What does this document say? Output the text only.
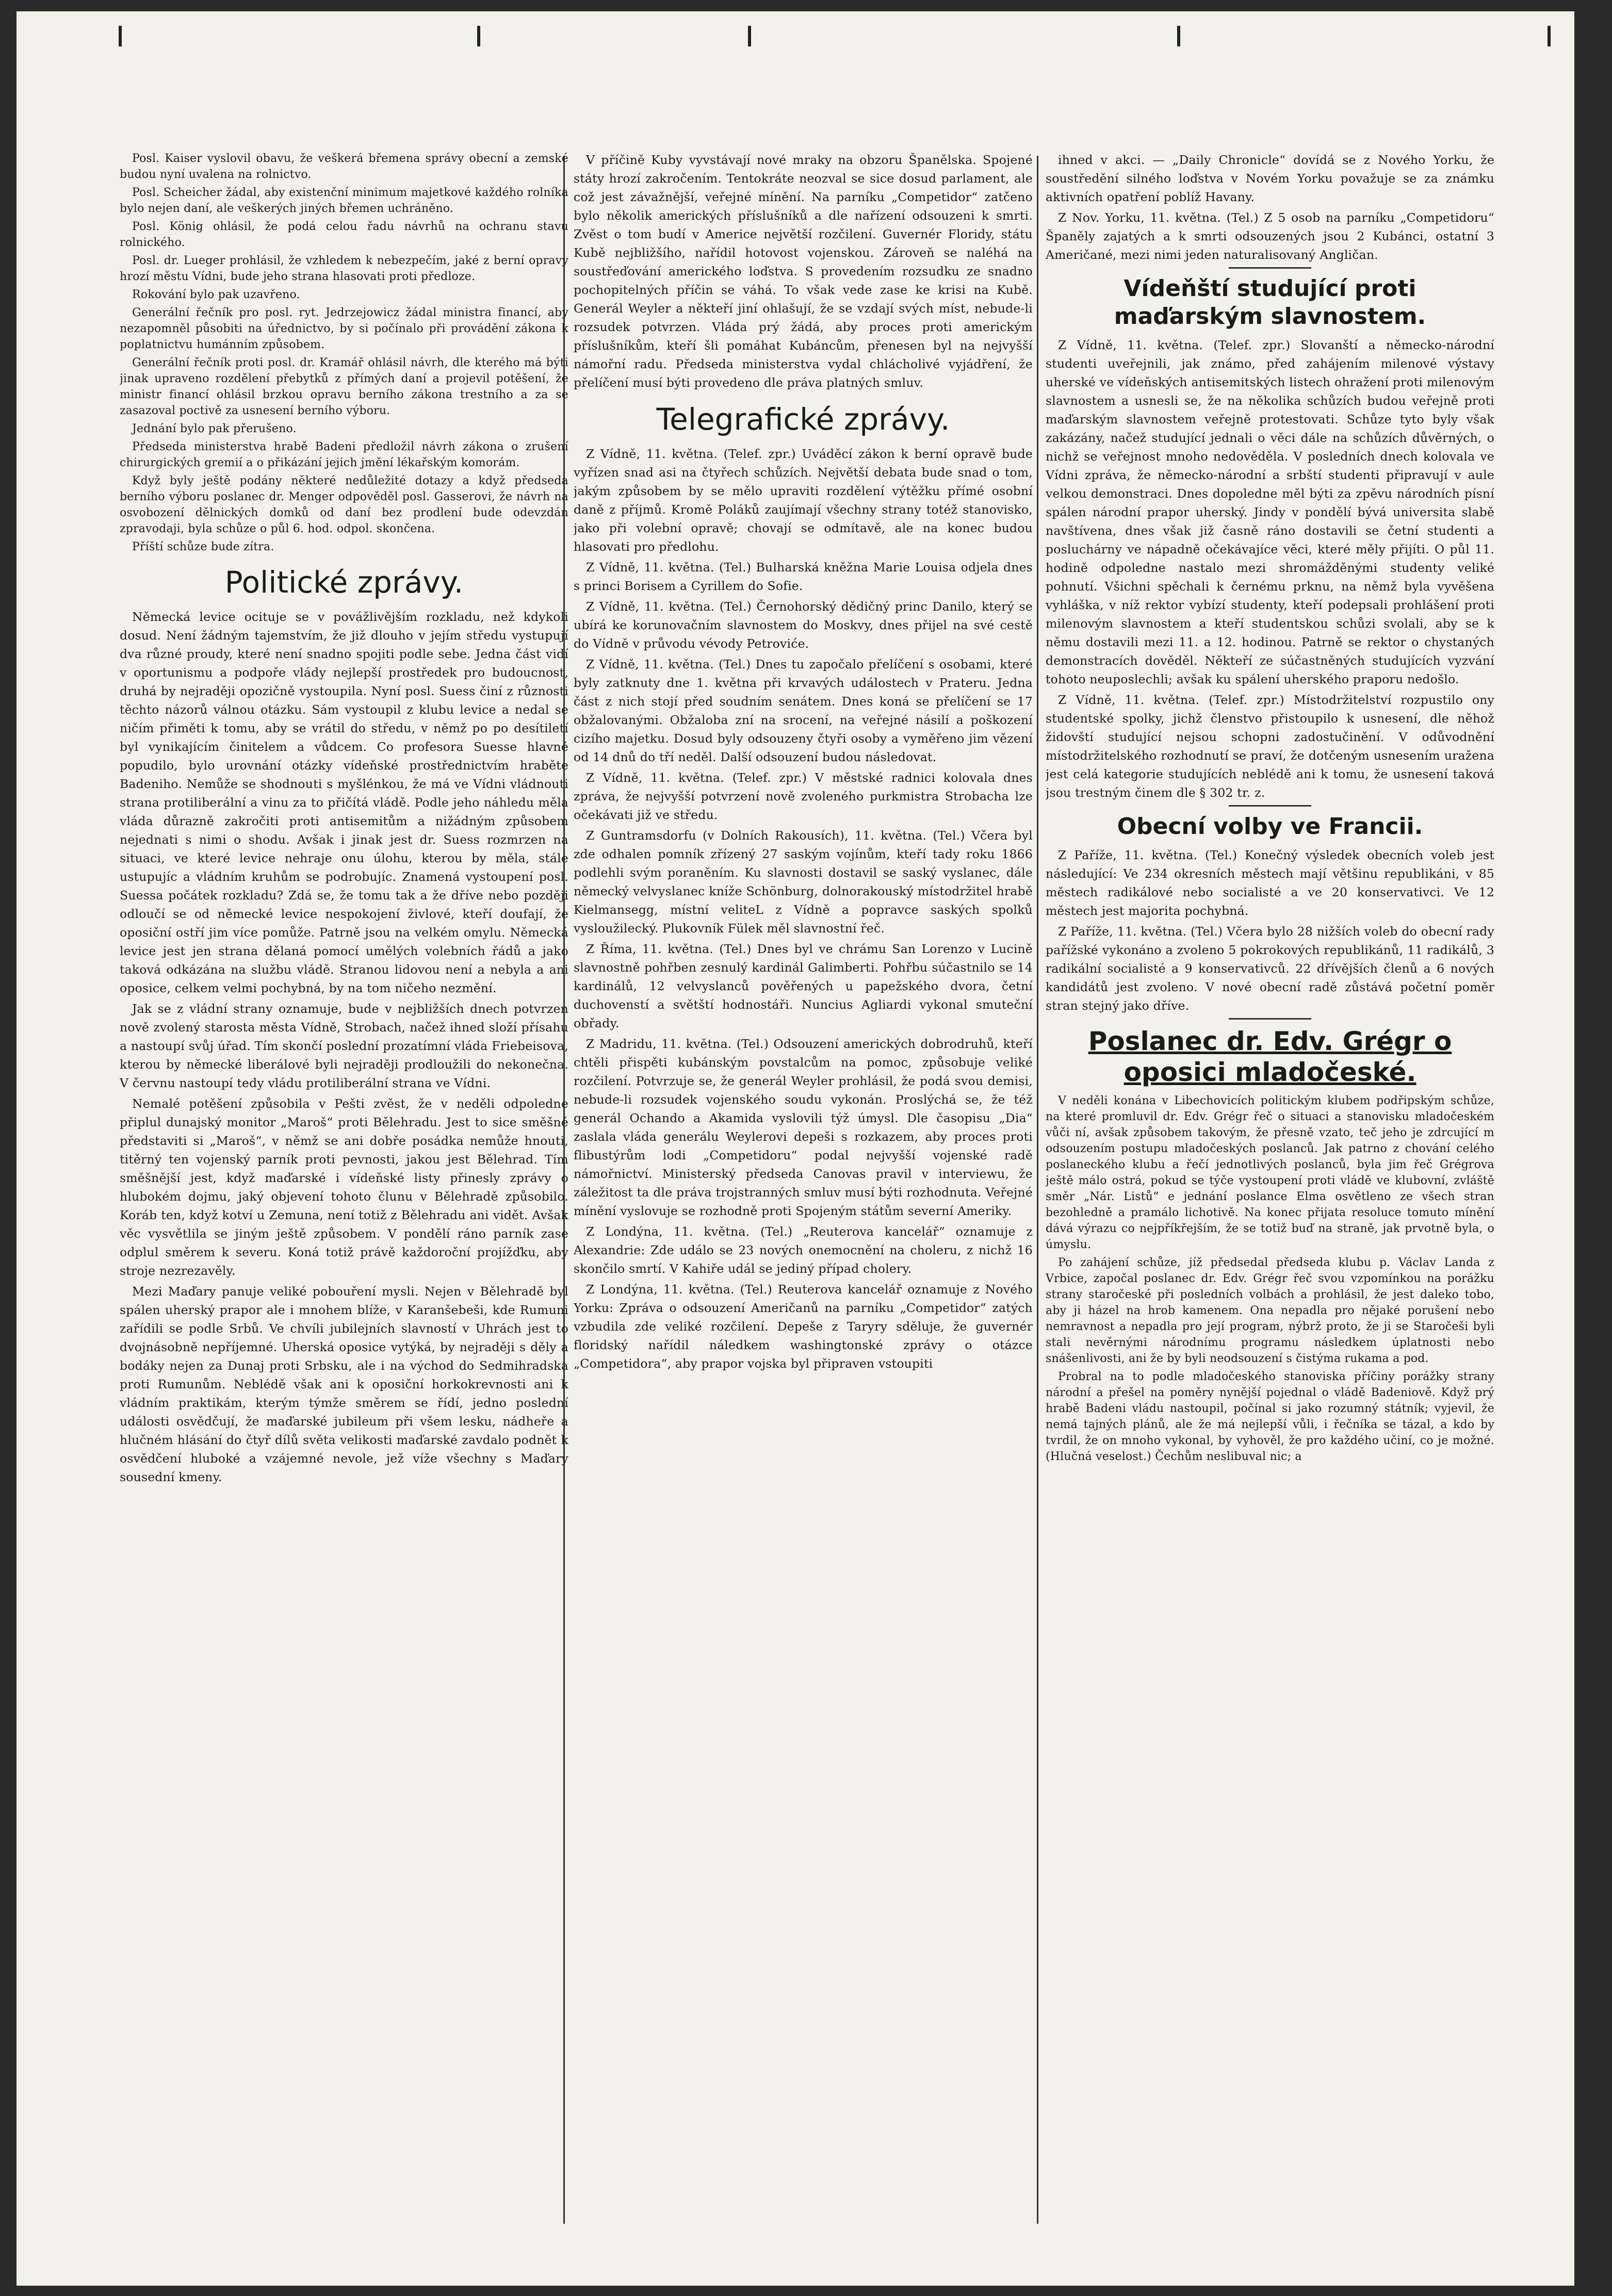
Posl. Kaiser vyslovil obavu, že veškerá břemena správy obecní a zemské budou nyní uvalena na rolnictvo.

Posl. Scheicher žádal, aby existenční minimum majetkové každého rolníka bylo nejen daní, ale veškerých jiných břemen uchráněno.

Posl. König ohlásil, že podá celou řadu návrhů na ochranu stavu rolnického.

Posl. dr. Lueger prohlásil, že vzhledem k nebezpečím, jaké z berní opravy hrozí městu Vídni, bude jeho strana hlasovati proti předloze.

Rokování bylo pak uzavřeno.

Generální řečník pro posl. ryt. Jedrzejowicz žádal ministra financí, aby nezapomněl působiti na úřednictvo, by si počínalo při provádění zákona k poplatnictvu humánním způsobem.

Generální řečník proti posl. dr. Kramář ohlásil návrh, dle kterého má býti jinak upraveno rozdělení přebytků z přímých daní a projevil potěšení, že ministr financí ohlásil brzkou opravu berního zákona trestního a za se zasazoval poctivě za usnesení berního výboru.

Jednání bylo pak přerušeno.

Předseda ministerstva hrabě Badeni předložil návrh zákona o zrušení chirurgických gremií a o přikázání jejich jmění lékařským komorám.

Když byly ještě podány některé nedůležité dotazy a když předseda berního výboru poslanec dr. Menger odpověděl posl. Gasserovi, že návrh na osvobození dělnických domků od daní bez prodlení bude odevzdán zpravodaji, byla schůze o půl 6. hod. odpol. skončena.

Příští schůze bude zítra.

Politické zprávy.

Německá levice ocituje se v povážlivějším rozkladu, než kdykoli dosud. Není žádným tajemstvím, že již dlouho v jejím středu vystupují dva různé proudy, které není snadno spojiti podle sebe. Jedna část vidí v oportunismu a podpoře vlády nejlepší prostředek pro budoucnost, druhá by nejraději opozičně vystoupila. Nyní posl. Suess činí z různosti těchto názorů válnou otázku. Sám vystoupil z klubu levice a nedal se ničím přiměti k tomu, aby se vrátil do středu, v němž po po desítiletí byl vynikajícím činitelem a vůdcem. Co profesora Suesse hlavně popudilo, bylo urovnání otázky vídeňské prostřednictvím hraběte Badeniho. Nemůže se shodnouti s myšlénkou, že má ve Vídni vládnouti strana protiliberální a vinu za to přičítá vládě. Podle jeho náhledu měla vláda důrazně zakročiti proti antisemitům a nižádným způsobem nejednati s nimi o shodu. Avšak i jinak jest dr. Suess rozmrzen na situaci, ve které levice nehraje onu úlohu, kterou by měla, stále ustupujíc a vládním kruhům se podrobujíc. Znamená vystoupení posl. Suessa počátek rozkladu? Zdá se, že tomu tak a že dříve nebo později odloučí se od německé levice nespokojení živlové, kteří doufají, že oposiční ostří jim více pomůže. Patrně jsou na velkém omylu. Německá levice jest jen strana dělaná pomocí umělých volebních řádů a jako taková odkázána na službu vládě. Stranou lidovou není a nebyla a ani oposice, celkem velmi pochybná, by na tom ničeho nezmění.

Jak se z vládní strany oznamuje, bude v nejbližších dnech potvrzen nově zvolený starosta města Vídně, Strobach, načež ihned složí přísahu a nastoupí svůj úřad. Tím skončí poslední prozatímní vláda Friebeisova, kterou by německé liberálové byli nejraději prodloužili do nekonečna. V červnu nastoupí tedy vládu protiliberální strana ve Vídni.

Nemalé potěšení způsobila v Pešti zvěst, že v neděli odpoledne připlul dunajský monitor „Maroš“ proti Bělehradu. Jest to sice směšné představiti si „Maroš“, v němž se ani dobře posádka nemůže hnouti, titěrný ten vojenský parník proti pevnosti, jakou jest Bělehrad. Tím směšnější jest, když maďarské i vídeňské listy přinesly zprávy o hlubokém dojmu, jaký objevení tohoto člunu v Bělehradě způsobilo. Koráb ten, když kotví u Zemuna, není totiž z Bělehradu ani vidět. Avšak věc vysvětlila se jiným ještě způsobem. V pondělí ráno parník zase odplul směrem k severu. Koná totiž právě každoroční projížďku, aby stroje nezrezavěly.

Mezi Maďary panuje veliké pobouření mysli. Nejen v Bělehradě byl spálen uherský prapor ale i mnohem blíže, v Karanšebeši, kde Rumuni zařídili se podle Srbů. Ve chvíli jubilejních slavností v Uhrách jest to dvojnásobně nepříjemné. Uherská oposice vytýká, by nejraději s děly a bodáky nejen za Dunaj proti Srbsku, ale i na východ do Sedmihradska proti Rumunům. Neblédě však ani k oposiční horkokrevnosti ani k vládním praktikám, kterým týmže směrem se řídí, jedno poslední události osvědčují, že maďarské jubileum při všem lesku, nádheře a hlučném hlásání do čtyř dílů světa velikosti maďarské zavdalo podnět k osvědčení hluboké a vzájemné nevole, jež víže všechny s Maďary sousední kmeny.

V příčině Kuby vyvstávají nové mraky na obzoru Španělska. Spojené státy hrozí zakročením. Tentokráte neozval se sice dosud parlament, ale což jest závažnější, veřejné mínění. Na parníku „Competidor“ zatčeno bylo několik amerických příslušníků a dle nařízení odsouzeni k smrti. Zvěst o tom budí v Americe největší rozčilení. Guvernér Floridy, státu Kubě nejbližšího, nařídil hotovost vojenskou. Zároveň se naléhá na soustřeďování amerického loďstva. S provedením rozsudku ze snadno pochopitelných příčin se váhá. To však vede zase ke krisi na Kubě. Generál Weyler a někteří jiní ohlašují, že se vzdají svých míst, nebude-li rozsudek potvrzen. Vláda prý žádá, aby proces proti americkým příslušníkům, kteří šli pomáhat Kubáncům, přenesen byl na nejvyšší námořní radu. Předseda ministerstva vydal chlácholivé vyjádření, že přelíčení musí býti provedeno dle práva platných smluv.

Telegrafické zprávy.

Z Vídně, 11. května. (Telef. zpr.) Uváděcí zákon k berní opravě bude vyřízen snad asi na čtyřech schůzích. Největší debata bude snad o tom, jakým způsobem by se mělo upraviti rozdělení výtěžku přímé osobní daně z příjmů. Kromě Poláků zaujímají všechny strany totéž stanovisko, jako při volební opravě; chovají se odmítavě, ale na konec budou hlasovati pro předlohu.

Z Vídně, 11. května. (Tel.) Bulharská kněžna Marie Louisa odjela dnes s princi Borisem a Cyrillem do Sofie.

Z Vídně, 11. května. (Tel.) Černohorský dědičný princ Danilo, který se ubírá ke korunovačním slavnostem do Moskvy, dnes přijel na své cestě do Vídně v průvodu vévody Petroviće.

Z Vídně, 11. května. (Tel.) Dnes tu započalo přelíčení s osobami, které byly zatknuty dne 1. května při krvavých událostech v Prateru. Jedna část z nich stojí před soudním senátem. Dnes koná se přelíčení se 17 obžalovanými. Obžaloba zní na srocení, na veřejné násilí a poškození cizího majetku. Dosud byly odsouzeny čtyři osoby a vyměřeno jim vězení od 14 dnů do tří neděl. Další odsouzení budou následovat.

Z Vídně, 11. května. (Telef. zpr.) V městské radnici kolovala dnes zpráva, že nejvyšší potvrzení nově zvoleného purkmistra Strobacha lze očekávati již ve středu.

Z Guntramsdorfu (v Dolních Rakousích), 11. května. (Tel.) Včera byl zde odhalen pomník zřízený 27 saským vojínům, kteří tady roku 1866 podlehli svým poraněním. Ku slavnosti dostavil se saský vyslanec, dále německý velvyslanec kníže Schönburg, dolnorakouský místodržitel hrabě Kielmansegg, místní veliteL z Vídně a popravce saských spolků vysloužilecký. Plukovník Fülek měl slavnostní řeč.

Z Říma, 11. května. (Tel.) Dnes byl ve chrámu San Lorenzo v Lucině slavnostně pohřben zesnulý kardinál Galimberti. Pohřbu súčastnilo se 14 kardinálů, 12 velvyslanců pověřených u papežského dvora, četní duchovenstí a světští hodnostáři. Nuncius Agliardi vykonal smuteční obřady.

Z Madridu, 11. května. (Tel.) Odsouzení amerických dobrodruhů, kteří chtěli přispěti kubánským povstalcům na pomoc, způsobuje veliké rozčilení. Potvrzuje se, že generál Weyler prohlásil, že podá svou demisi, nebude-li rozsudek vojenského soudu vykonán. Proslýchá se, že též generál Ochando a Akamida vyslovili týž úmysl. Dle časopisu „Dia“ zaslala vláda generálu Weylerovi depeši s rozkazem, aby proces proti flibustýrům lodi „Competidoru“ podal nejvyšší vojenské radě námořnictví. Ministerský předseda Canovas pravil v interviewu, že záležitost ta dle práva trojstranných smluv musí býti rozhodnuta. Veřejné mínění vyslovuje se rozhodně proti Spojeným státům severní Ameriky.

Z Londýna, 11. května. (Tel.) „Reuterova kancelář“ oznamuje z Alexandrie: Zde událo se 23 nových onemocnění na choleru, z nichž 16 skončilo smrtí. V Kahiře udál se jediný případ cholery.

Z Londýna, 11. května. (Tel.) Reuterova kancelář oznamuje z Nového Yorku: Zpráva o odsouzení Američanů na parníku „Competidor“ zatých vzbudila zde veliké rozčilení. Depeše z Taryry sděluje, že guvernér floridský nařídil náledkem washingtonské zprávy o otázce „Competidora“, aby prapor vojska byl připraven vstoupiti

ihned v akci. — „Daily Chronicle“ dovídá se z Nového Yorku, že soustředění silného loďstva v Novém Yorku považuje se za známku aktivních opatření poblíž Havany.

Z Nov. Yorku, 11. května. (Tel.) Z 5 osob na parníku „Competidoru“ Španěly zajatých a k smrti odsouzených jsou 2 Kubánci, ostatní 3 Američané, mezi nimi jeden naturalisovaný Angličan.

Vídeňští studující proti maďarským slavnostem.

Z Vídně, 11. května. (Telef. zpr.) Slovanští a německo-národní studenti uveřejnili, jak známo, před zahájením milenové výstavy uherské ve vídeňských antisemitských listech ohražení proti milenovým slavnostem a usnesli se, že na několika schůzích budou veřejně proti maďarským slavnostem veřejně protestovati. Schůze tyto byly však zakázány, načež studující jednali o věci dále na schůzích důvěrných, o nichž se veřejnost mnoho nedověděla. V posledních dnech kolovala ve Vídni zpráva, že německo-národní a srbští studenti připravují v aule velkou demonstraci. Dnes dopoledne měl býti za zpěvu národních písní spálen národní prapor uherský. Jindy v pondělí bývá universita slabě navštívena, dnes však již časně ráno dostavili se četní studenti a posluchárny ve nápadně očekávajíce věci, které měly přijíti. O půl 11. hodině odpoledne nastalo mezi shromážděnými studenty veliké pohnutí. Všichni spěchali k černému prknu, na němž byla vyvěšena vyhláška, v níž rektor vybízí studenty, kteří podepsali prohlášení proti milenovým slavnostem a kteří studentskou schůzi svolali, aby se k němu dostavili mezi 11. a 12. hodinou. Patrně se rektor o chystaných demonstracích dověděl. Někteří ze súčastněných studujících vyzvání tohoto neuposlechli; avšak ku spálení uherského praporu nedošlo.

Z Vídně, 11. května. (Telef. zpr.) Místodržitelství rozpustilo ony studentské spolky, jichž členstvo přistoupilo k usnesení, dle něhož židovští studující nejsou schopni zadostučinění. V odůvodnění místodržitelského rozhodnutí se praví, že dotčeným usnesením uražena jest celá kategorie studujících neblédě ani k tomu, že usnesení taková jsou trestným činem dle § 302 tr. z.

Obecní volby ve Francii.

Z Paříže, 11. května. (Tel.) Konečný výsledek obecních voleb jest následující: Ve 234 okresních městech mají většinu republikáni, v 85 městech radikálové nebo socialisté a ve 20 konservativci. Ve 12 městech jest majorita pochybná.

Z Paříže, 11. května. (Tel.) Včera bylo 28 nižších voleb do obecní rady pařížské vykonáno a zvoleno 5 pokrokových republikánů, 11 radikálů, 3 radikální socialisté a 9 konservativců. 22 dřívějších členů a 6 nových kandidátů jest zvoleno. V nové obecní radě zůstává početní poměr stran stejný jako dříve.

Poslanec dr. Edv. Grégr o oposici mladočeské.

V neděli konána v Libechovicích politickým klubem podřipským schůze, na které promluvil dr. Edv. Grégr řeč o situaci a stanovisku mladočeském vůči ní, avšak způsobem takovým, že přesně vzato, teč jeho je zdrcující m odsouzením postupu mladočeských poslanců. Jak patrno z chování celého poslaneckého klubu a řečí jednotlivých poslanců, byla jim řeč Grégrova ještě málo ostrá, pokud se týče vystoupení proti vládě ve klubovní, zvláště směr „Nár. Listů“ e jednání poslance Elma osvětleno ze všech stran bezohledně a pramálo lichotivě. Na konec přijata resoluce tomuto mínění dává výrazu co nejpříkřejším, že se totiž buď na straně, jak prvotně byla, o úmyslu.

Po zahájení schůze, jíž předsedal předseda klubu p. Václav Landa z Vrbice, započal poslanec dr. Edv. Grégr řeč svou vzpomínkou na porážku strany staročeské při posledních volbách a prohlásil, že jest daleko tobo, aby ji házel na hrob kamenem. Ona nepadla pro nějaké porušení nebo nemravnost a nepadla pro její program, nýbrž proto, že ji se Staročeši byli stali nevěrnými národnímu programu následkem úplatnosti nebo snášenlivosti, ani že by byli neodsouzení s čistýma rukama a pod.

Probral na to podle mladočeského stanoviska příčiny porážky strany národní a přešel na poměry nynější pojednal o vládě Badeniově. Když prý hrabě Badeni vládu nastoupil, počínal si jako rozumný státník; vyjevil, že nemá tajných plánů, ale že má nejlepší vůli, i řečníka se tázal, a kdo by tvrdil, že on mnoho vykonal, by vyhověl, že pro každého učiní, co je možné. (Hlučná veselost.) Čechům neslibuval nic; a
